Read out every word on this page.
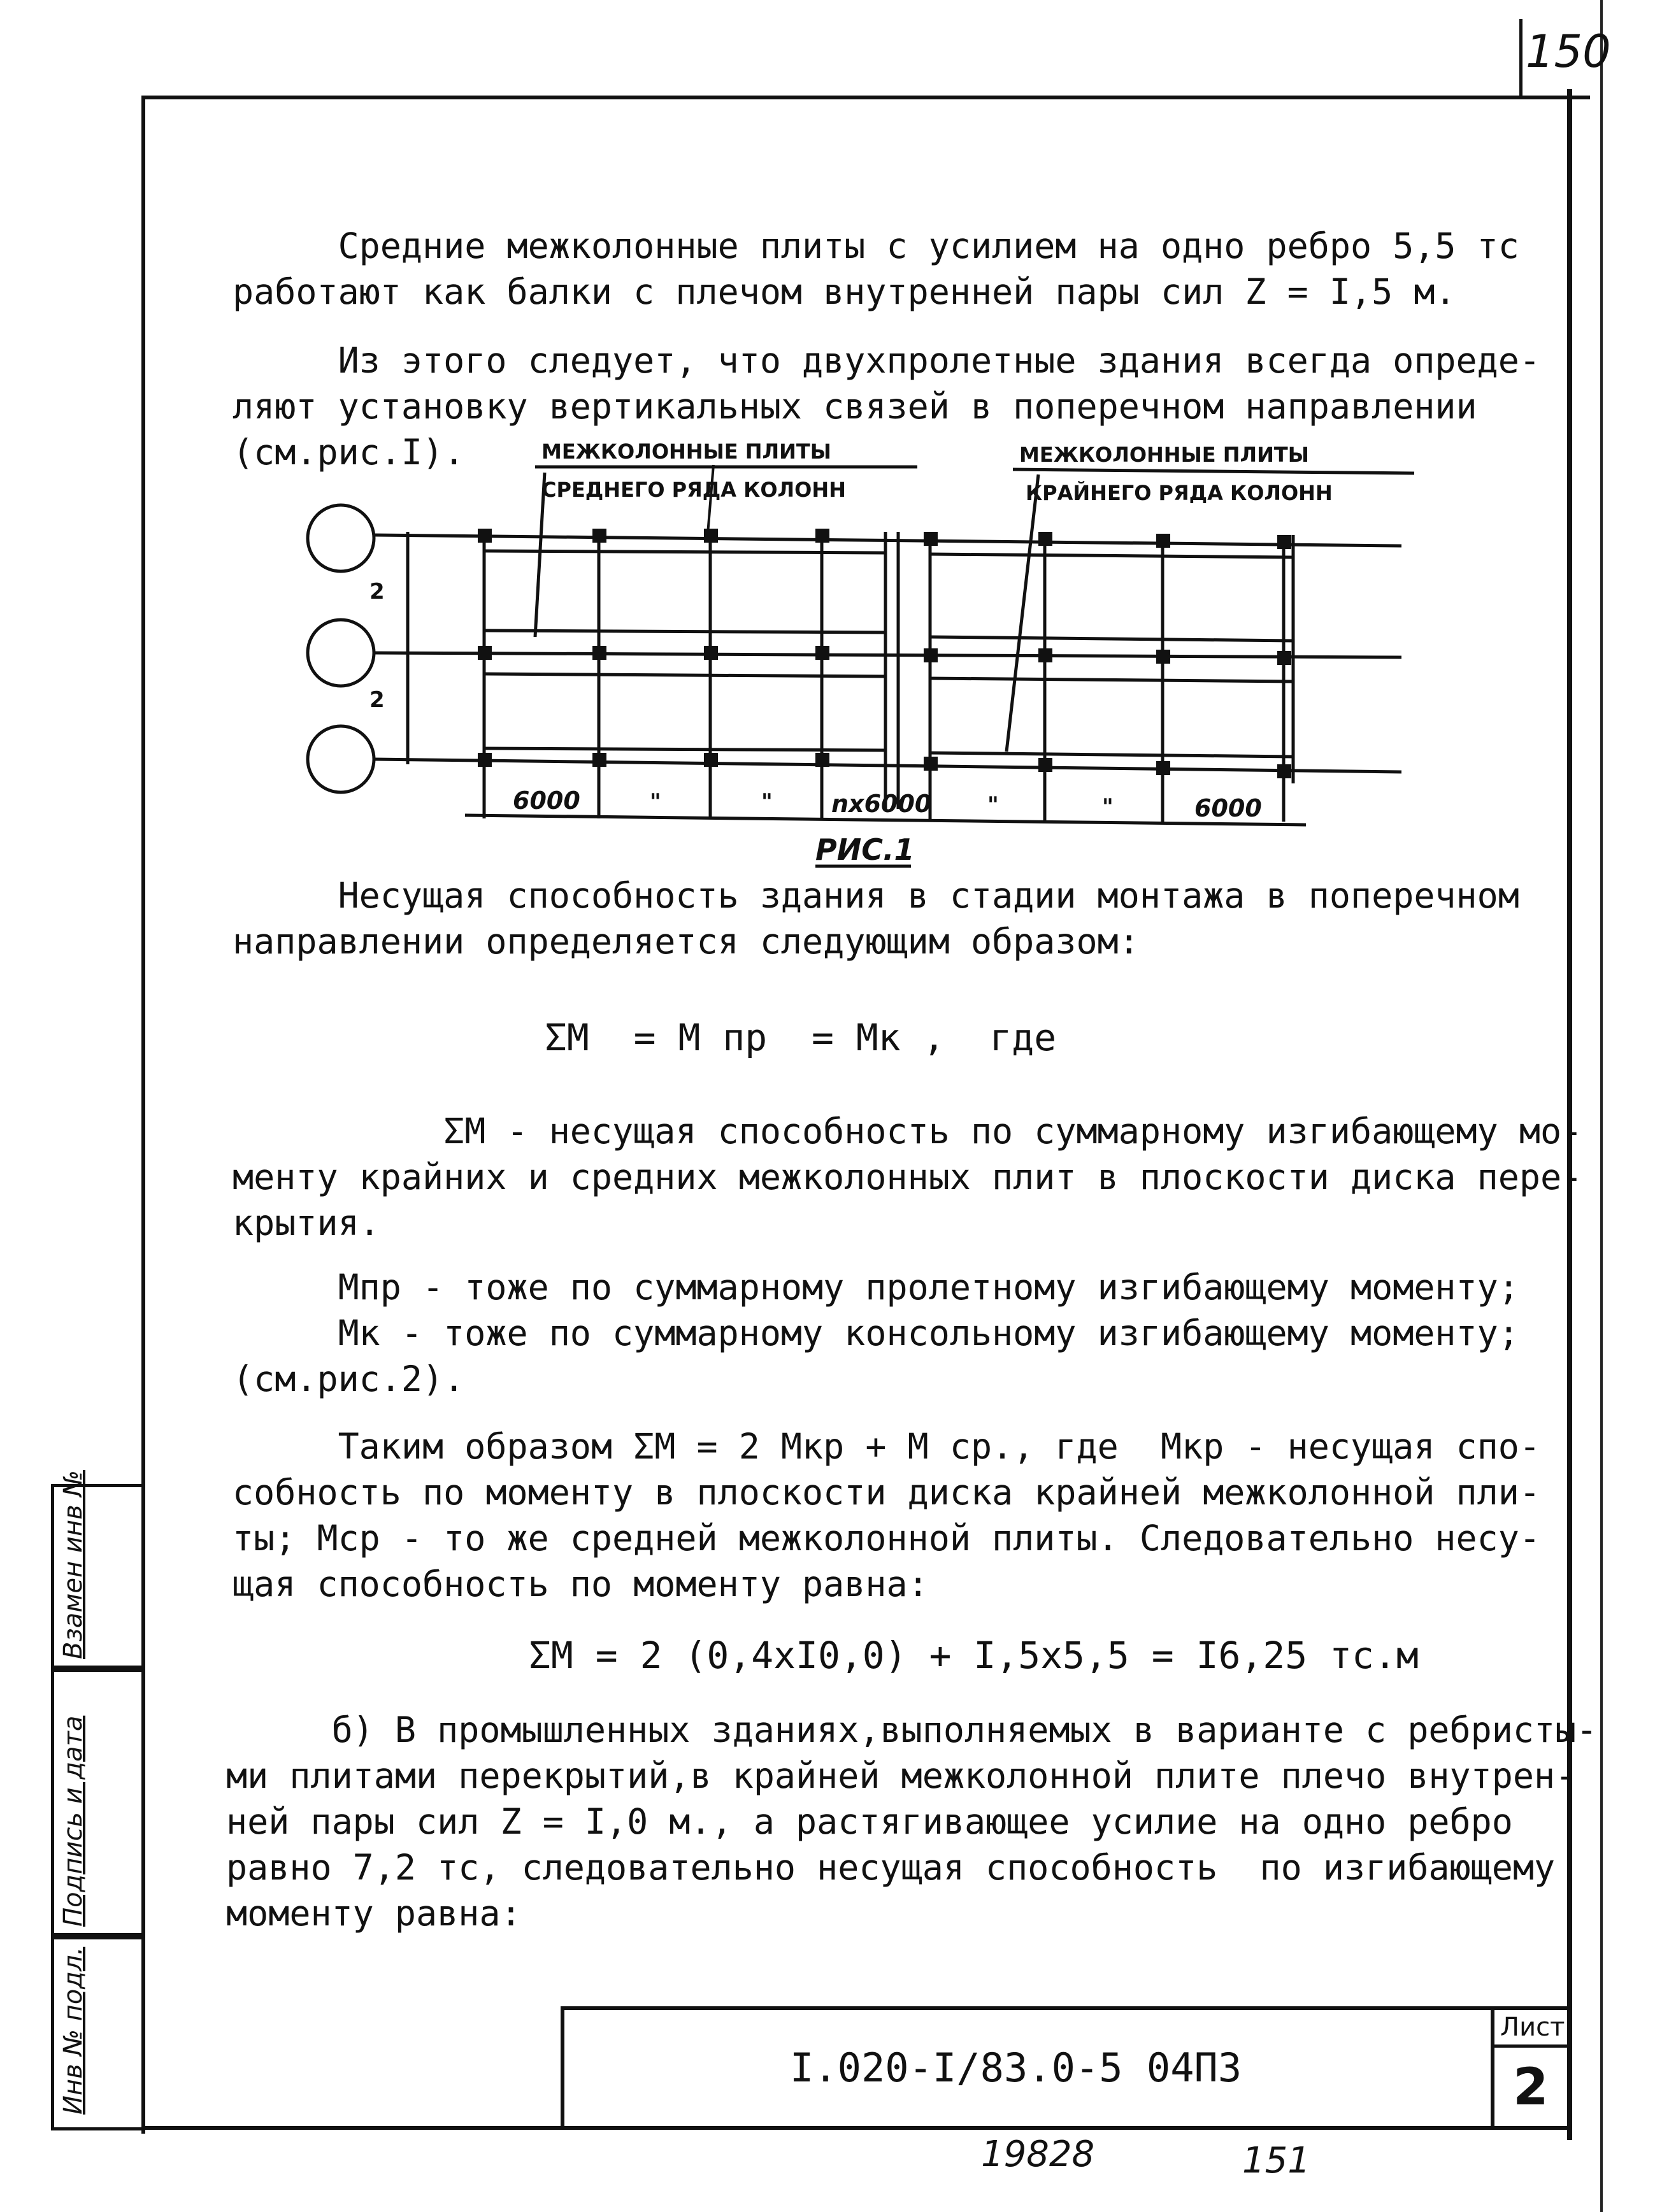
150
Средние межколонные плиты с усилием на одно ребро 5,5 тс
работают как балки с плечом внутренней пары сил Z = I,5 м.
Из этого следует, что двухпролетные здания всегда опреде-
ляют установку вертикальных связей в поперечном направлении
(см.рис.I).	МЕЖКОЛОННЫЕ ПЛИТЫ
СРЕДНЕГО РЯДА КОЛОНН
МЕЖКОЛОННЫЕ ПЛИТЫ
КРАЙНЕГО РЯДА КОЛОНН
2
2
6000	"	" nx6000	"	"	6000
РИС.1
Несущая способность здания в стадии монтажа в поперечном
направлении определяется следующим образом:
ΣM  = M пр  = Мк ,  где
ΣМ - несущая способность по суммарному изгибающему мо-
менту крайних и средних межколонных плит в плоскости диска пере-
крытия.
Мпр - тоже по суммарному пролетному изгибающему моменту;
Мк - тоже по суммарному консольному изгибающему моменту;
(см.рис.2).
Таким образом ΣM = 2 Мкр + M ср., где  Мкр - несущая спо-
собность по моменту в плоскости диска крайней межколонной пли-
ты; Мср - то же средней межколонной плиты. Следовательно несу-
щая способность по моменту равна:
ΣM = 2 (0,4xI0,0) + I,5x5,5 = I6,25 тс.м
б) В промышленных зданиях,выполняемых в варианте с ребристы-
ми плитами перекрытий,в крайней межколонной плите плечо внутрен-
ней пары сил Z = I,0 м., а растягивающее усилие на одно ребро
равно 7,2 тс, следовательно несущая способность  по изгибающему
моменту равна:
Взамен инв №
Подпись и дата
Инв № подл.	I.020-I/83.0-5 04ПЗ
Лист
2
19828	151
